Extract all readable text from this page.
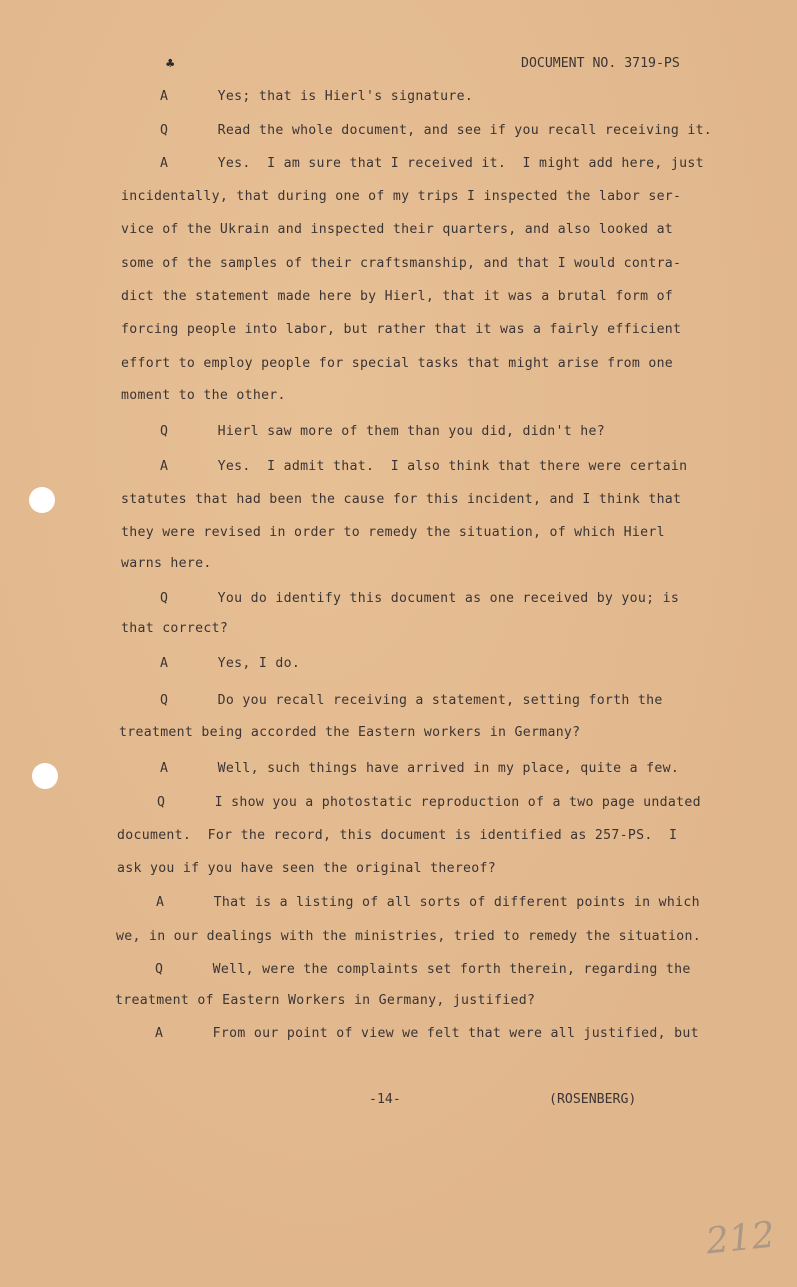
♣	DOCUMENT NO. 3719-PS
A      Yes; that is Hierl's signature.
Q      Read the whole document, and see if you recall receiving it.
A      Yes.  I am sure that I received it.  I might add here, just
incidentally, that during one of my trips I inspected the labor ser-
vice of the Ukrain and inspected their quarters, and also looked at
some of the samples of their craftsmanship, and that I would contra-
dict the statement made here by Hierl, that it was a brutal form of
forcing people into labor, but rather that it was a fairly efficient
effort to employ people for special tasks that might arise from one
moment to the other.
Q      Hierl saw more of them than you did, didn't he?
A      Yes.  I admit that.  I also think that there were certain
statutes that had been the cause for this incident, and I think that
they were revised in order to remedy the situation, of which Hierl
warns here.
Q      You do identify this document as one received by you; is
that correct?
A      Yes, I do.
Q      Do you recall receiving a statement, setting forth the
treatment being accorded the Eastern workers in Germany?
A      Well, such things have arrived in my place, quite a few.
Q      I show you a photostatic reproduction of a two page undated
document.  For the record, this document is identified as 257-PS.  I
ask you if you have seen the original thereof?
A      That is a listing of all sorts of different points in which
we, in our dealings with the ministries, tried to remedy the situation.
Q      Well, were the complaints set forth therein, regarding the
treatment of Eastern Workers in Germany, justified?
A      From our point of view we felt that were all justified, but
-14-	(ROSENBERG)
212
